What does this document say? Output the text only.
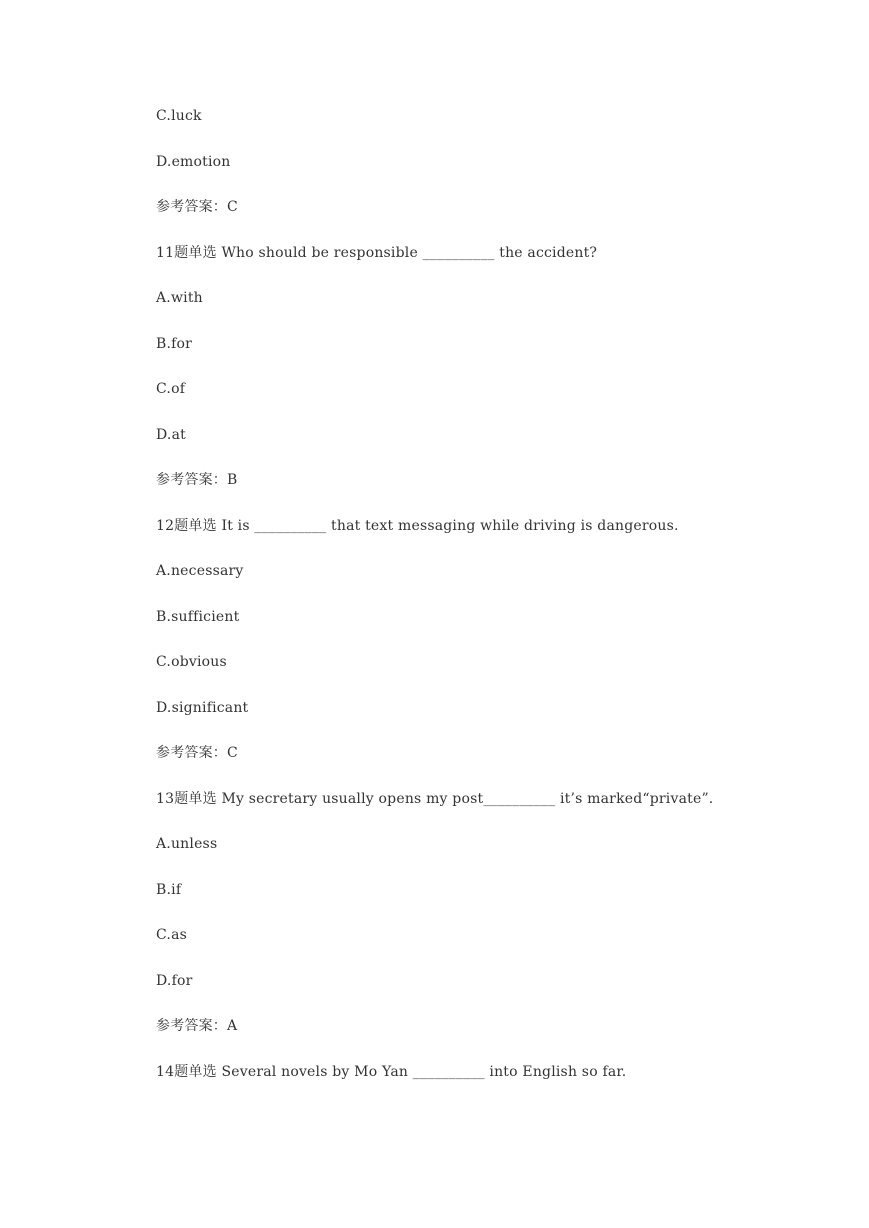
C.luck
D.emotion
参考答案：C
11题单选 Who should be responsible __________ the accident?
A.with
B.for
C.of
D.at
参考答案：B
12题单选 It is __________ that text messaging while driving is dangerous.
A.necessary
B.sufficient
C.obvious
D.significant
参考答案：C
13题单选 My secretary usually opens my post__________ it’s marked“private”.
A.unless
B.if
C.as
D.for
参考答案：A
14题单选 Several novels by Mo Yan __________ into English so far.
